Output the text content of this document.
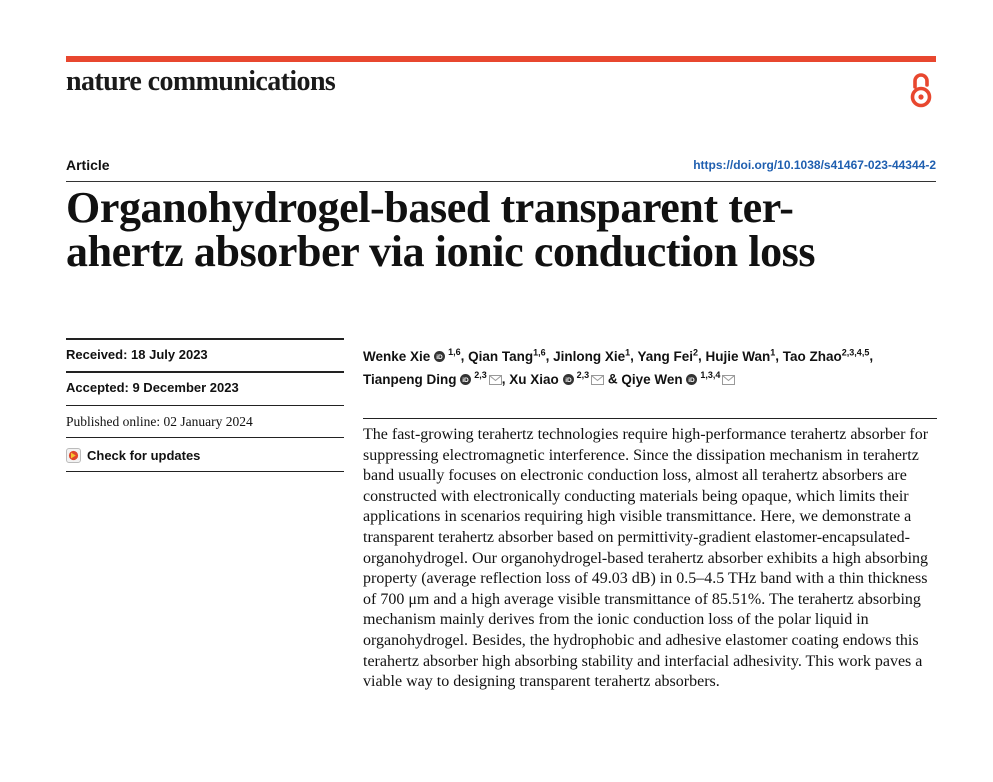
nature communications
Article	https://doi.org/10.1038/s41467-023-44344-2
Organohydrogel-based transparent ter-
ahertz absorber via ionic conduction loss
Received: 18 July 2023
Accepted: 9 December 2023
Published online: 02 January 2024
Check for updates
Wenke Xie iD
$^{1,6}$, Qian Tang$^{1,6}$, Jinlong Xie$^1$, Yang Fei$^2$, Hujie Wan$^1$, Tao Zhao$^{2,3,4,5}$, Tianpeng Ding iD
$^{2,3}$ , Xu Xiao iD
$^{2,3}$ & Qiye Wen iD
$^{1,3,4}$

The fast-growing terahertz technologies require high-performance terahertz absorber for suppressing electromagnetic interference. Since the dissipation mechanism in terahertz band usually focuses on electronic conduction loss, almost all terahertz absorbers are constructed with electronically conducting materials being opaque, which limits their applications in scenarios requiring high visible transmittance. Here, we demonstrate a transparent terahertz absorber based on permittivity-gradient elastomer-encapsulated-organohydrogel. Our organohydrogel-based terahertz absorber exhibits a high absorbing property (average reflection loss of 49.03 dB) in 0.5–4.5 THz band with a thin thickness of 700 μm and a high average visible transmittance of 85.51%. The terahertz absorbing mechanism mainly derives from the ionic conduction loss of the polar liquid in organohydrogel. Besides, the hydrophobic and adhesive elastomer coating endows this terahertz absorber high absorbing stability and interfacial adhesivity. This work paves a viable way to designing transparent terahertz absorbers.
